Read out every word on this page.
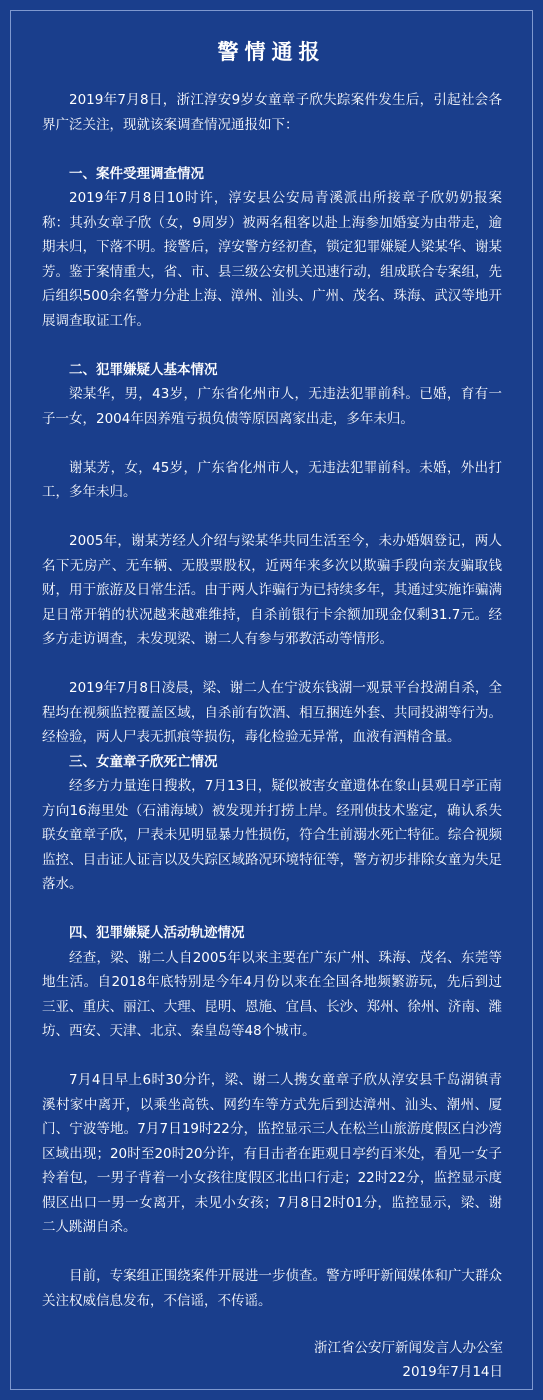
警情通报

2019年7月8日，浙江淳安9岁女童章子欣失踪案件发生后，引起社会各界广泛关注，现就该案调查情况通报如下：

一、案件受理调查情况

2019年7月8日10时许，淳安县公安局青溪派出所接章子欣奶奶报案称：其孙女章子欣（女，9周岁）被两名租客以赴上海参加婚宴为由带走，逾期未归，下落不明。接警后，淳安警方经初查，锁定犯罪嫌疑人梁某华、谢某芳。鉴于案情重大，省、市、县三级公安机关迅速行动，组成联合专案组，先后组织500余名警力分赴上海、漳州、汕头、广州、茂名、珠海、武汉等地开展调查取证工作。

二、犯罪嫌疑人基本情况

梁某华，男，43岁，广东省化州市人，无违法犯罪前科。已婚，育有一子一女，2004年因养殖亏损负债等原因离家出走，多年未归。

谢某芳，女，45岁，广东省化州市人，无违法犯罪前科。未婚，外出打工，多年未归。

2005年，谢某芳经人介绍与梁某华共同生活至今，未办婚姻登记，两人名下无房产、无车辆、无股票股权，近两年来多次以欺骗手段向亲友骗取钱财，用于旅游及日常生活。由于两人诈骗行为已持续多年，其通过实施诈骗满足日常开销的状况越来越难维持，自杀前银行卡余额加现金仅剩31.7元。经多方走访调查，未发现梁、谢二人有参与邪教活动等情形。

2019年7月8日凌晨，梁、谢二人在宁波东钱湖一观景平台投湖自杀，全程均在视频监控覆盖区域，自杀前有饮酒、相互捆连外套、共同投湖等行为。经检验，两人尸表无抓痕等损伤，毒化检验无异常，血液有酒精含量。

三、女童章子欣死亡情况

经多方力量连日搜救，7月13日，疑似被害女童遗体在象山县观日亭正南方向16海里处（石浦海域）被发现并打捞上岸。经刑侦技术鉴定，确认系失联女童章子欣，尸表未见明显暴力性损伤，符合生前溺水死亡特征。综合视频监控、目击证人证言以及失踪区域路况环境特征等，警方初步排除女童为失足落水。

四、犯罪嫌疑人活动轨迹情况

经查，梁、谢二人自2005年以来主要在广东广州、珠海、茂名、东莞等地生活。自2018年底特别是今年4月份以来在全国各地频繁游玩，先后到过三亚、重庆、丽江、大理、昆明、恩施、宜昌、长沙、郑州、徐州、济南、潍坊、西安、天津、北京、秦皇岛等48个城市。

7月4日早上6时30分许，梁、谢二人携女童章子欣从淳安县千岛湖镇青溪村家中离开，以乘坐高铁、网约车等方式先后到达漳州、汕头、潮州、厦门、宁波等地。7月7日19时22分，监控显示三人在松兰山旅游度假区白沙湾区域出现；20时至20时20分许，有目击者在距观日亭约百米处，看见一女子拎着包，一男子背着一小女孩往度假区北出口行走；22时22分，监控显示度假区出口一男一女离开，未见小女孩；7月8日2时01分，监控显示，梁、谢二人跳湖自杀。

目前，专案组正围绕案件开展进一步侦查。警方呼吁新闻媒体和广大群众关注权威信息发布，不信谣，不传谣。

浙江省公安厅新闻发言人办公室
2019年7月14日
